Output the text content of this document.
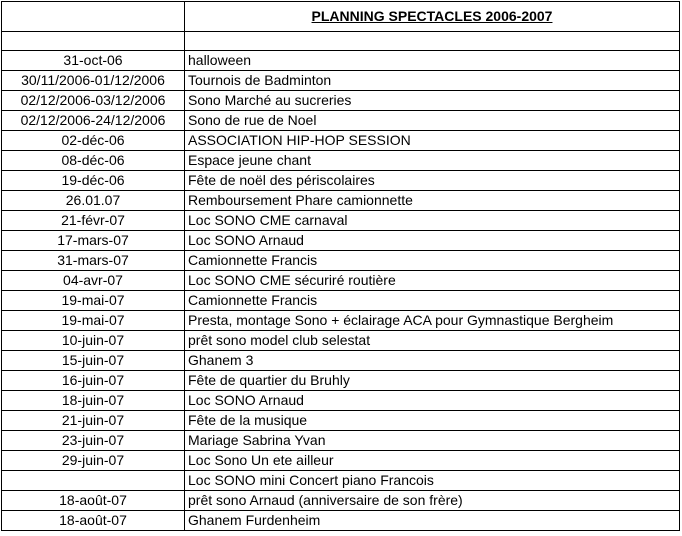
	PLANNING SPECTACLES 2006-2007

31-oct-06	halloween
30/11/2006-01/12/2006	Tournois de Badminton
02/12/2006-03/12/2006	Sono Marché au sucreries
02/12/2006-24/12/2006	Sono de rue de Noel
02-déc-06	ASSOCIATION HIP-HOP SESSION
08-déc-06	Espace jeune chant
19-déc-06	Fête de noël des périscolaires
26.01.07	Remboursement Phare camionnette
21-févr-07	Loc SONO CME carnaval
17-mars-07	Loc SONO Arnaud
31-mars-07	Camionnette Francis
04-avr-07	Loc SONO CME sécuriré routière
19-mai-07	Camionnette Francis
19-mai-07	Presta, montage Sono + éclairage ACA pour Gymnastique Bergheim
10-juin-07	prêt sono model club selestat
15-juin-07	Ghanem 3
16-juin-07	Fête de quartier du Bruhly
18-juin-07	Loc SONO Arnaud
21-juin-07	Fête de la musique
23-juin-07	Mariage Sabrina Yvan
29-juin-07	Loc Sono Un ete ailleur
	Loc SONO mini Concert piano Francois
18-août-07	prêt sono Arnaud (anniversaire de son frère)
18-août-07	Ghanem Furdenheim
